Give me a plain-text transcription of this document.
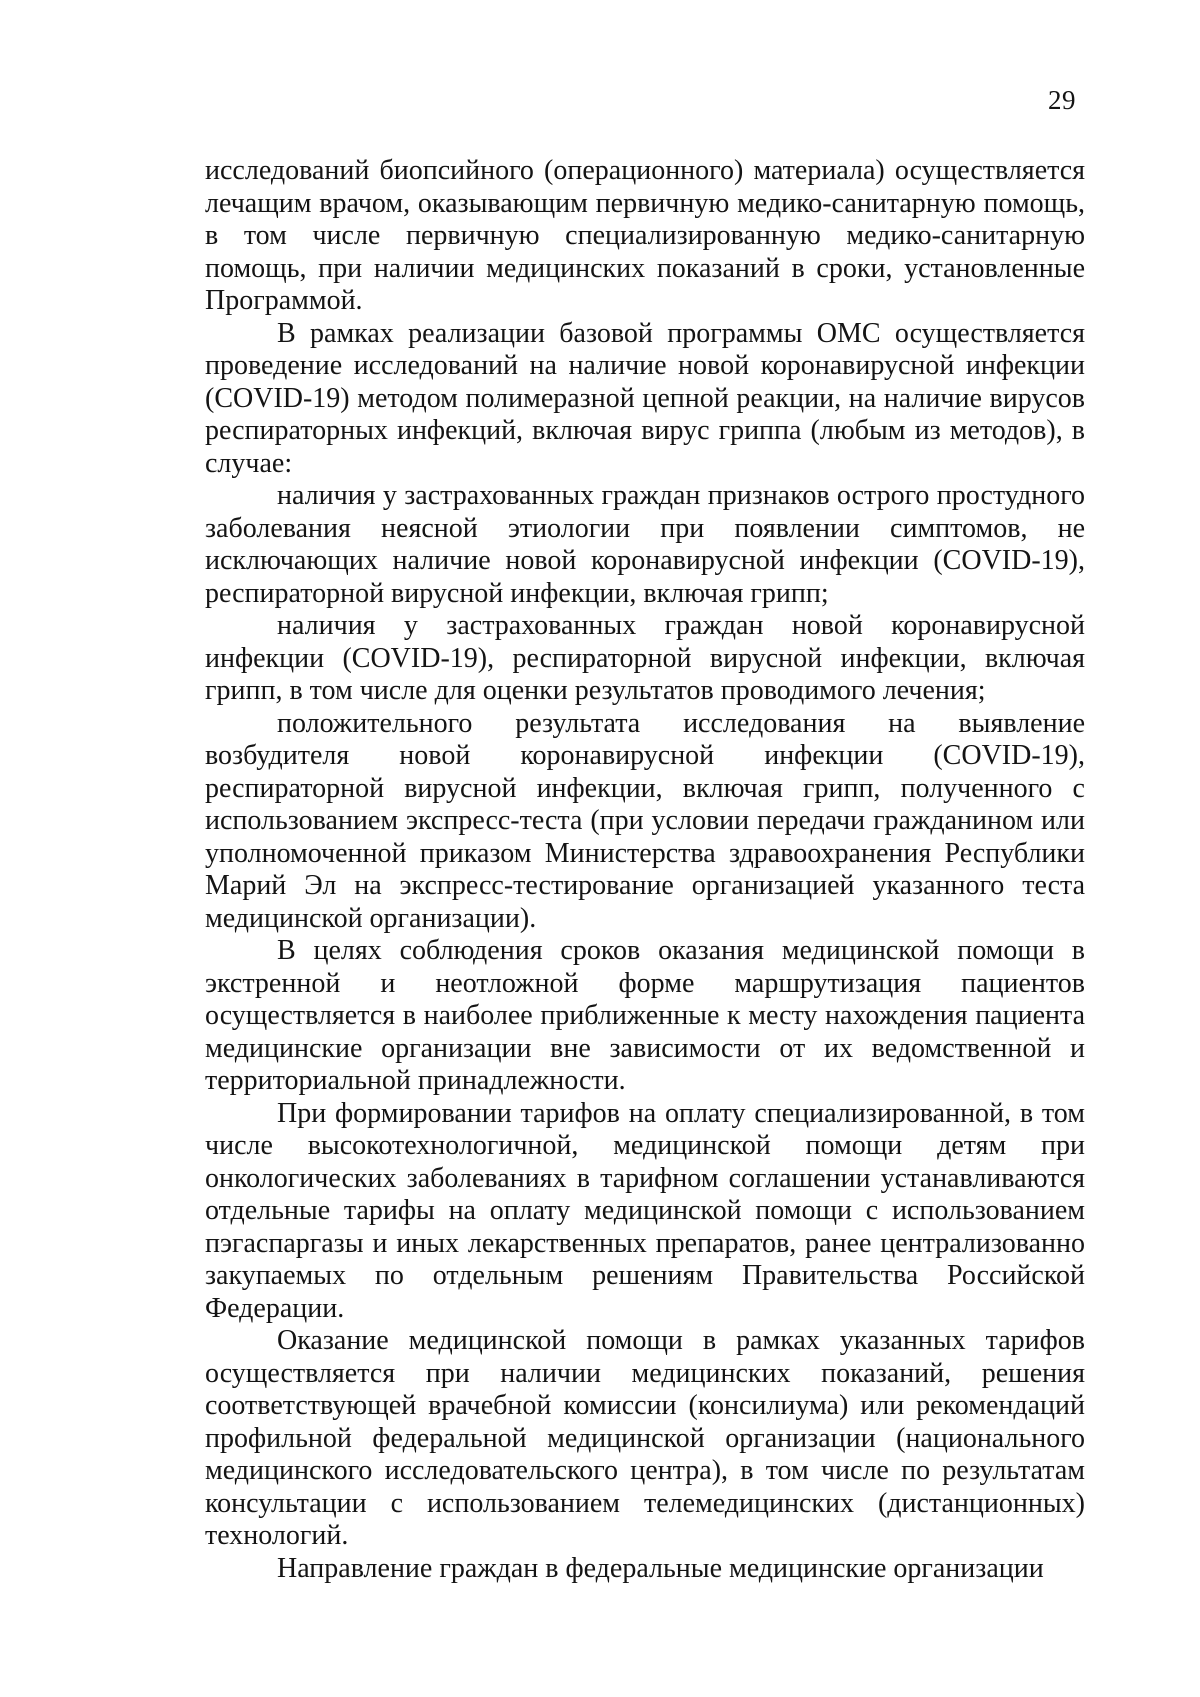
29

исследований биопсийного (операционного) материала) осуществляется лечащим врачом, оказывающим первичную медико-санитарную помощь, в том числе первичную специализированную медико-санитарную помощь, при наличии медицинских показаний в сроки, установленные Программой.

В рамках реализации базовой программы ОМС осуществляется проведение исследований на наличие новой коронавирусной инфекции (COVID-19) методом полимеразной цепной реакции, на наличие вирусов респираторных инфекций, включая вирус гриппа (любым из методов), в случае:

наличия у застрахованных граждан признаков острого простудного заболевания неясной этиологии при появлении симптомов, не исключающих наличие новой коронавирусной инфекции (COVID-19), респираторной вирусной инфекции, включая грипп;

наличия у застрахованных граждан новой коронавирусной инфекции (COVID-19), респираторной вирусной инфекции, включая грипп, в том числе для оценки результатов проводимого лечения;

положительного результата исследования на выявление возбудителя новой коронавирусной инфекции (COVID-19), респираторной вирусной инфекции, включая грипп, полученного с использованием экспресс-теста (при условии передачи гражданином или уполномоченной приказом Министерства здравоохранения Республики Марий Эл на экспресс-тестирование организацией указанного теста медицинской организации).

В целях соблюдения сроков оказания медицинской помощи в экстренной и неотложной форме маршрутизация пациентов осуществляется в наиболее приближенные к месту нахождения пациента медицинские организации вне зависимости от их ведомственной и территориальной принадлежности.

При формировании тарифов на оплату специализированной, в том числе высокотехнологичной, медицинской помощи детям при онкологических заболеваниях в тарифном соглашении устанавливаются отдельные тарифы на оплату медицинской помощи с использованием пэгаспаргазы и иных лекарственных препаратов, ранее централизованно закупаемых по отдельным решениям Правительства Российской Федерации.

Оказание медицинской помощи в рамках указанных тарифов осуществляется при наличии медицинских показаний, решения соответствующей врачебной комиссии (консилиума) или рекомендаций профильной федеральной медицинской организации (национального медицинского исследовательского центра), в том числе по результатам консультации с использованием телемедицинских (дистанционных) технологий.

Направление граждан в федеральные медицинские организации
